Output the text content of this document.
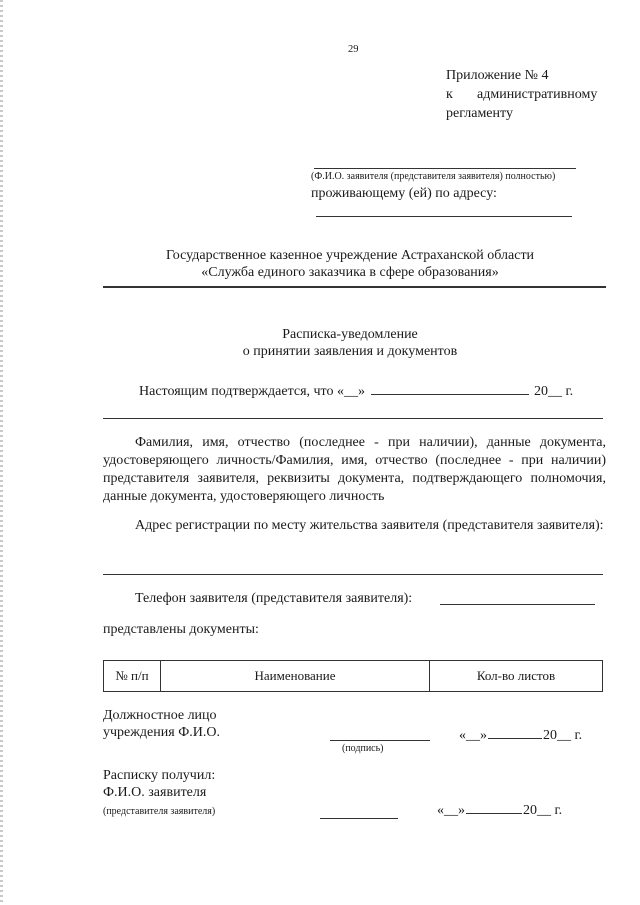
29
Приложение № 4
к административному
регламенту
(Ф.И.О. заявителя (представителя заявителя) полностью)
проживающему (ей) по адресу:
Государственное казенное учреждение Астраханской области
«Служба единого заказчика в сфере образования»
Расписка-уведомление
о принятии заявления и документов
Настоящим подтверждается, что «__»	20__ г.
Фамилия, имя, отчество (последнее - при наличии), данные документа, удостоверяющего личность/Фамилия, имя, отчество (последнее - при наличии) представителя заявителя, реквизиты документа, подтверждающего полномочия, данные документа, удостоверяющего личность
Адрес регистрации по месту жительства заявителя (представителя заявителя):
Телефон заявителя (представителя заявителя):
представлены документы:
№ п/п	Наименование	Кол-во листов
Должностное лицо
учреждения Ф.И.О.
(подпись)
«__»	20__ г.
Расписку получил:
Ф.И.О. заявителя
(представителя заявителя)	«__»	20__ г.
